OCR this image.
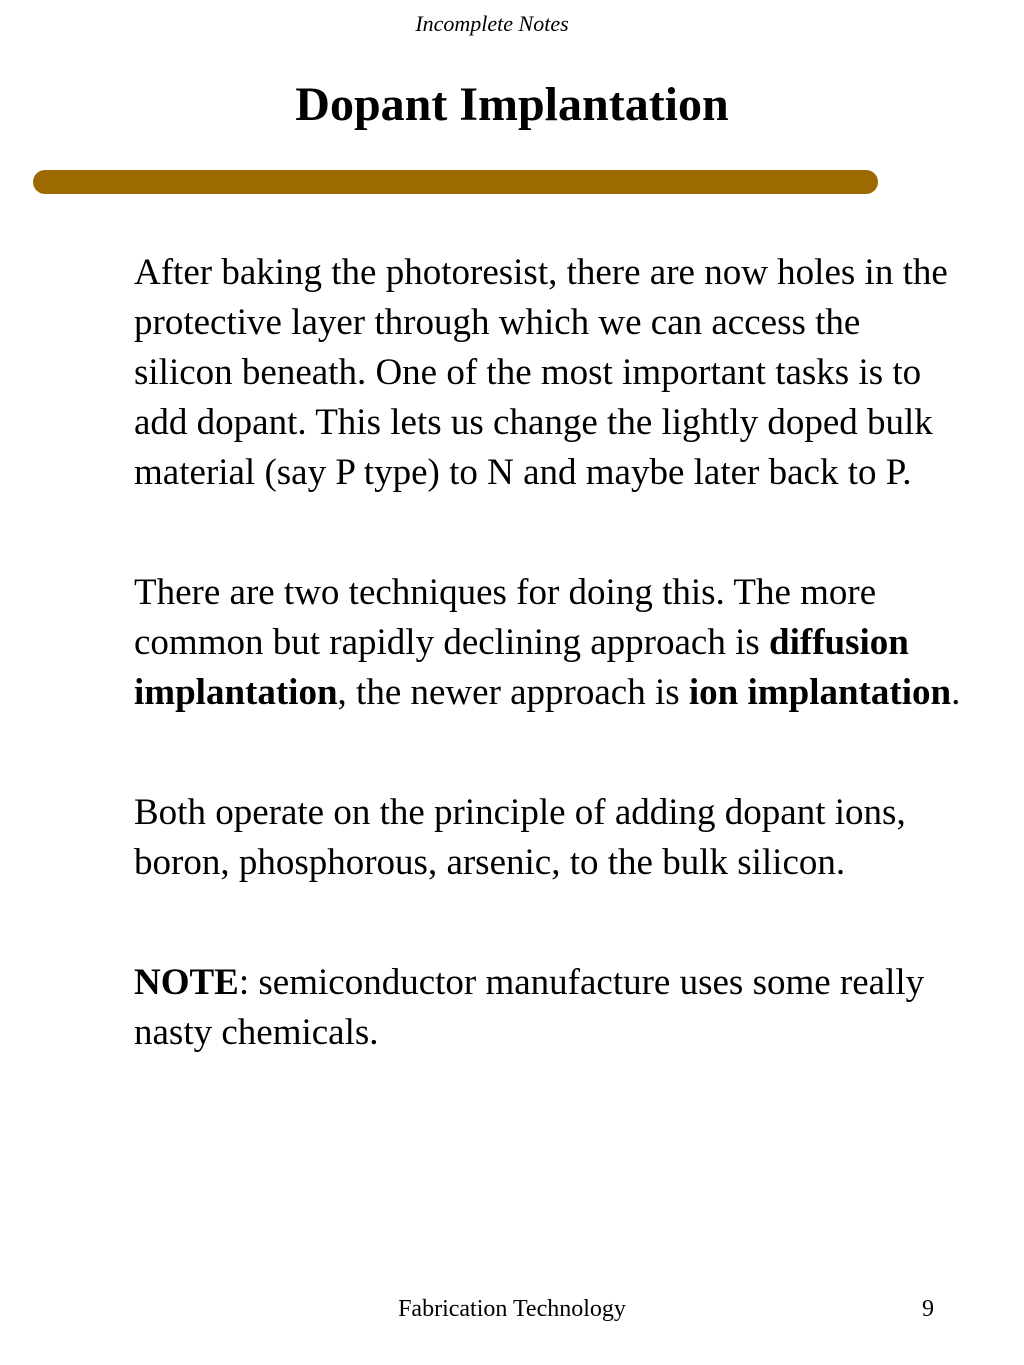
Incomplete Notes
Dopant Implantation

After baking the photoresist, there are now holes in the protective layer through which we can access the silicon beneath. One of the most important tasks is to add dopant. This lets us change the lightly doped bulk material (say P type) to N and maybe later back to P.

There are two techniques for doing this. The more common but rapidly declining approach is diffusion implantation, the newer approach is ion implantation.

Both operate on the principle of adding dopant ions, boron, phosphorous, arsenic, to the bulk silicon.

NOTE: semiconductor manufacture uses some really nasty chemicals.

Fabrication Technology	9
